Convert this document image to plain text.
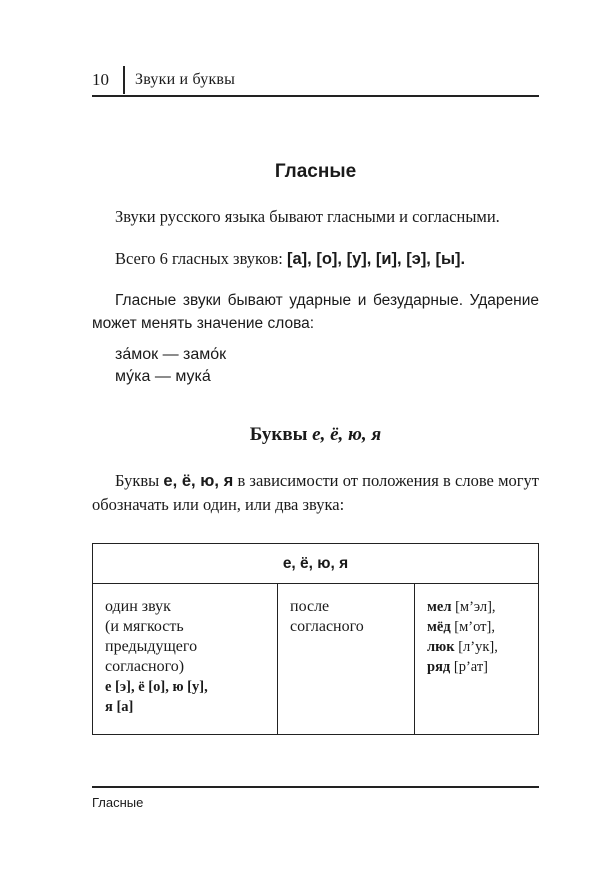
10 Звуки и буквы
Гласные

Звуки русского языка бывают гласными и согласными.

Всего 6 гласных звуков: [а], [о], [у], [и], [э], [ы].

Гласные звуки бывают ударные и безударные. Ударение может менять значение слова:

за́мок — замо́к
му́ка — мука́
Буквы е, ё, ю, я

Буквы е, ё, ю, я в зависимости от положения в слове могут обозначать или один, или два звука:

е, ё, ю, я
один звук
(и мягкость
предыдущего
согласного)
е [э], ё [о], ю [у],
я [а]
после
согласного
мел [м’эл],
мёд [м’от],
люк [л’ук],
ряд [р’ат]
Гласные
